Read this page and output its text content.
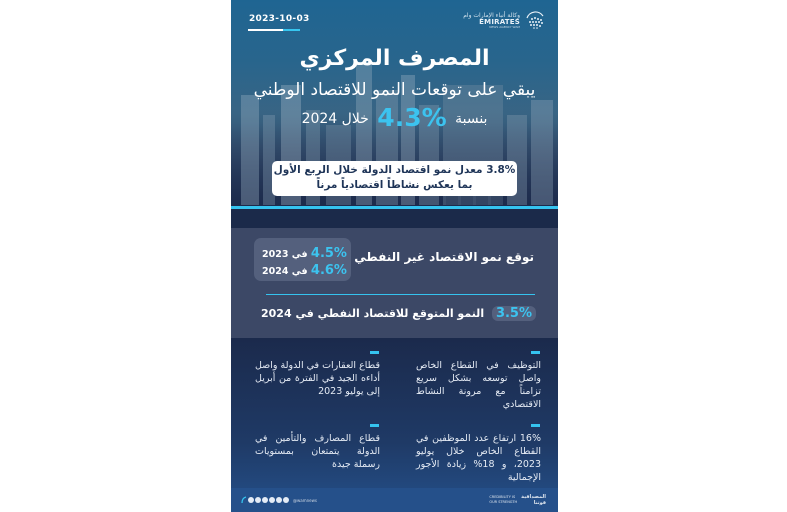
2023-10-03	وكالة أنباء الإمارات وام
EMIRATES
NEWS AGENCY WAM
المصرف المركزي
يبقي على توقعات النمو للاقتصاد الوطني
بنسبة 4.3% خلال 2024
3.8% معدل نمو اقتصاد الدولة خلال الربع الأول
بما يعكس نشاطاً اقتصادياً مرناً
4.5% في 2023
4.6% في 2024
توقع نمو الاقتصاد غير النفطي
3.5% النمو المتوقع للاقتصاد النفطي في 2024
التوظيف في القطاع الخاص واصل توسعه بشكل سريع تزامناً مع مرونة النشاط الاقتصادي
قطاع العقارات في الدولة واصل أداءه الجيد في الفترة من أبريل إلى يوليو 2023
16% ارتفاع عدد الموظفين في القطاع الخاص خلال يوليو 2023، و 18% زيادة الأجور الإجمالية
قطاع المصارف والتأمين في الدولة يتمتعان بمستويات رسملة جيدة
@wamnews
CREDIBILITY IS
OUR STRENGTH
المصداقية
قوتنا
